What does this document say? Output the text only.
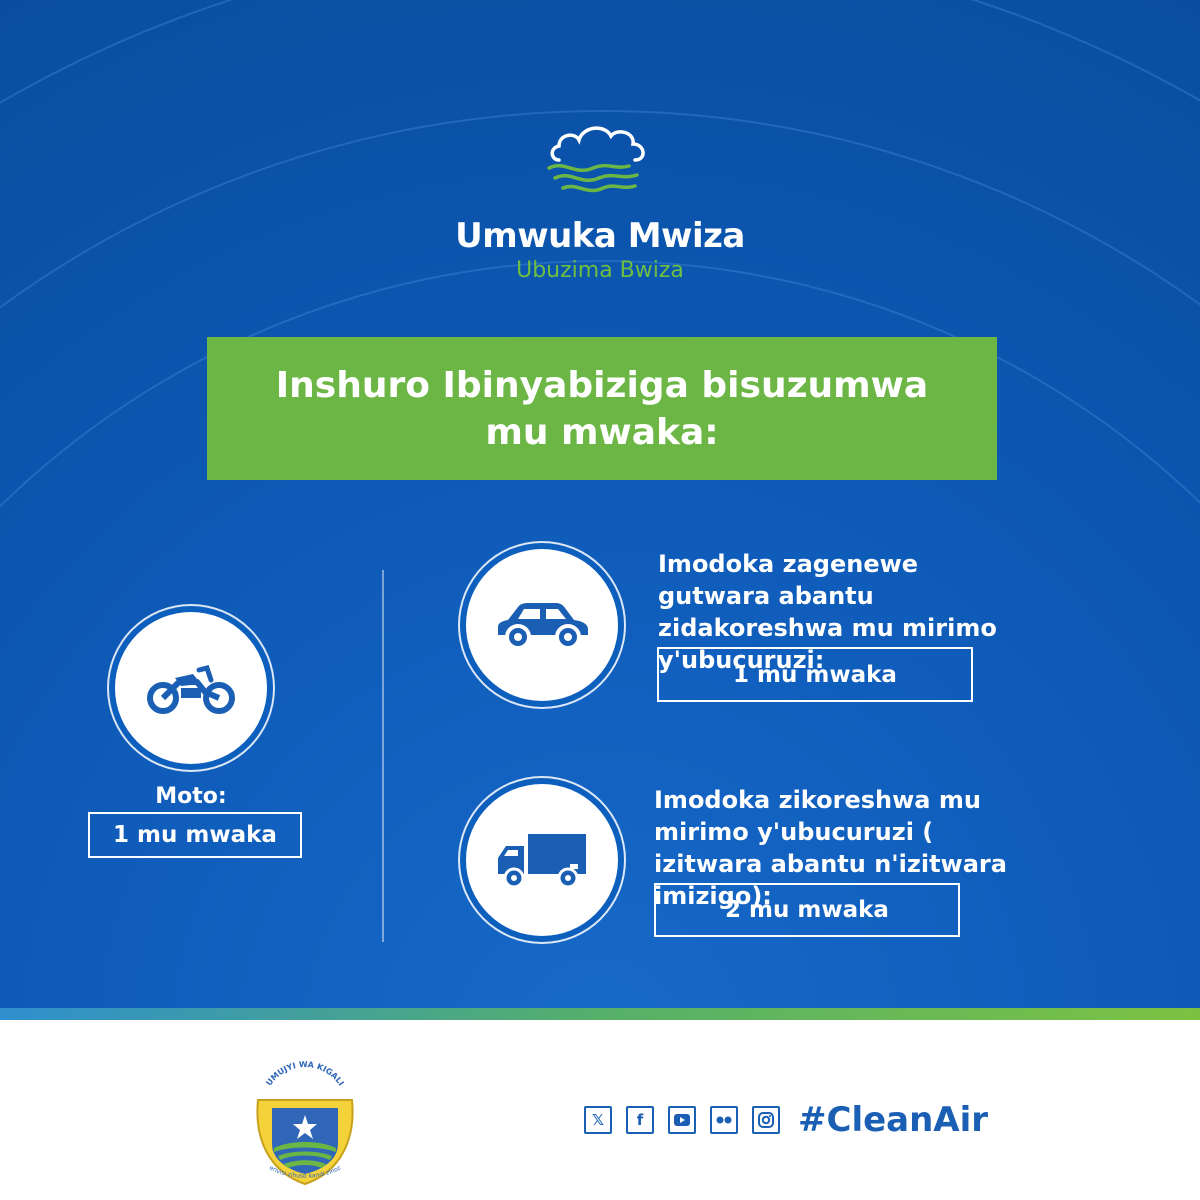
Umwuka Mwiza
Ubuzima Bwiza
Inshuro Ibinyabiziga bisuzumwa mu mwaka:
Moto:
1 mu mwaka
Imodoka zagenewe gutwara abantu zidakoreshwa mu mirimo y'ubucuruzi:
1 mu mwaka
Imodoka zikoreshwa mu mirimo y'ubucuruzi ( izitwara abantu n'izitwara imizigo):
2 mu mwaka
UMUJYI WA KIGALI
erivisi zihuse kandi zinoz
𝕏	f	#CleanAir
